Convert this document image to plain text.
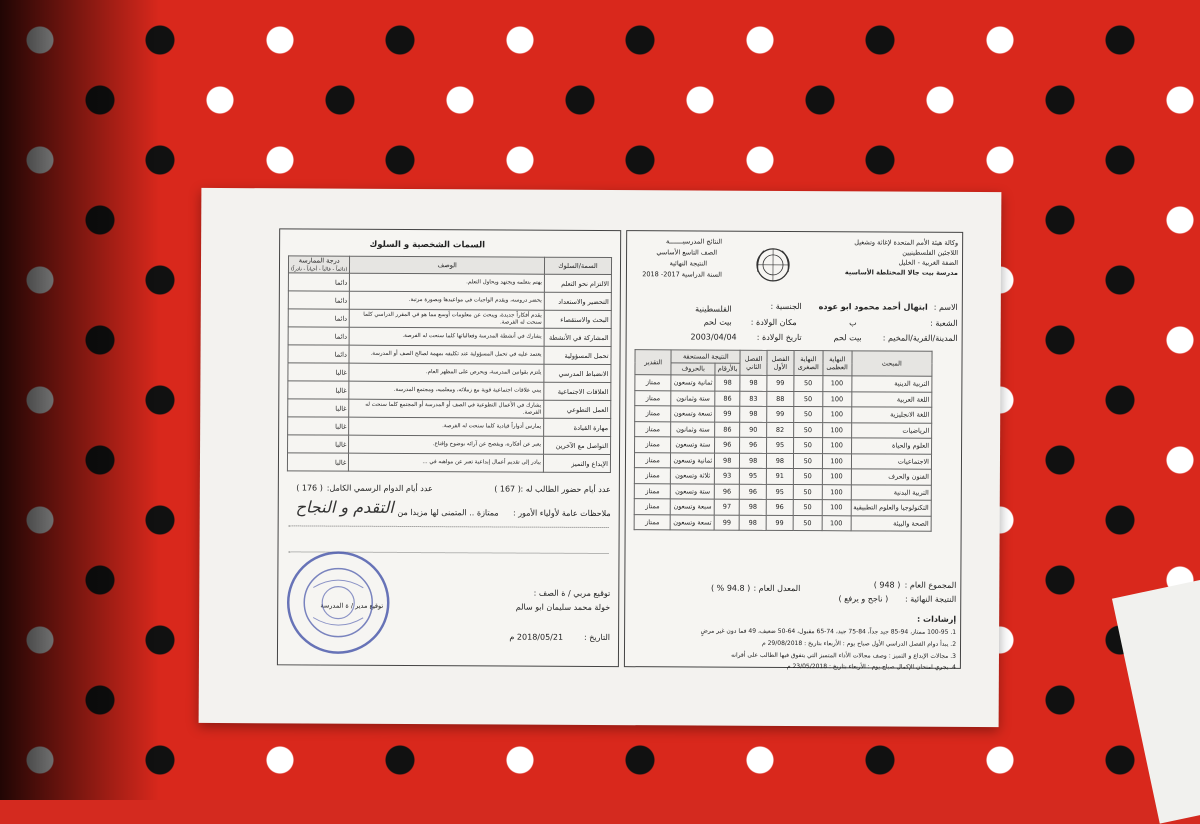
السمات الشخصية و السلوك
درجة الممارسة
(دائماً - غالباً - أحياناً - نادراً)	الوصف	السمة/السلوك
دائما	يهتم بتعلمه ويجتهد ويحاول التعلم.	الالتزام نحو التعلم
دائما	يحضر دروسه، ويقدم الواجبات في مواعيدها وبصورة مرتبة.	التحضير والاستعداد
دائما	يقدم أفكاراً جديدة، ويبحث عن معلومات أوسع مما هو في المقرر الدراسي كلما سنحت له الفرصة.	البحث والاستقصاء
دائما	يشارك في أنشطة المدرسة وفعالياتها كلما سنحت له الفرصة.	المشاركة في الأنشطة
دائما	يعتمد عليه في تحمل المسؤولية عند تكليفه بمهمة لصالح الصف أو المدرسة.	تحمل المسؤولية
غالبا	يلتزم بقوانين المدرسة، ويحرص على المظهر العام.	الانضباط المدرسي
غالبا	يبني علاقات اجتماعية قوية مع زملائه، ومعلميه، ومجتمع المدرسة.	العلاقات الاجتماعية
غالبا	يشارك في الأعمال التطوعية في الصف أو المدرسة أو المجتمع كلما سنحت له الفرصة.	العمل التطوعي
غالبا	يمارس أدواراً قيادية كلما سنحت له الفرصة.	مهارة القيادة
غالبا	يعبر عن أفكاره، ويفصح عن آرائه بوضوح وإقناع.	التواصل مع الآخرين
غالبا	يبادر إلى تقديم أعمال إبداعية تعبر عن مواهبه في ...	الإبداع والتميز
عدد أيام حضور الطالب له :
( 167 )
عدد أيام الدوام الرسمي الكامل:
( 176 )
ملاحظات عامة لأولياء الأمور :
ممتازة .. المتمنى لها مزيدا من
التقدم و النجاح
توقيع مربي / ة الصف :
خولة محمد سليمان ابو سالم
توقيع مدير / ة المدرسة
التاريخ :
2018/05/21 م
وكالة هيئة الأمم المتحدة لإغاثة وتشغيل
اللاجئين الفلسطينيين
الضفة الغربية - الخليل
مدرسة بيت جالا المختلطة الأساسية
النتائج المدرسيـــــــة
الصف التاسع الأساسي
النتيجة النهائية
السنة الدراسية 2017- 2018
الاسم :
ابتهال أحمد محمود ابو عوده
الجنسية :
الفلسطينية
الشعبة :
ب
مكان الولادة :
بيت لحم
المدينة/القرية/المخيم :
بيت لحم
تاريخ الولادة :
2003/04/04
التقدير	النتيجة المستحقة		الفصل الثاني	الفصل الأول	النهاية الصغرى	النهاية العظمى	المبحث
	بالحروف	بالأرقام					
ممتاز	ثمانية وتسعون	98	98	99	50	100	التربية الدينية
ممتاز	ستة وثمانون	86	83	88	50	100	اللغة العربية
ممتاز	تسعة وتسعون	99	98	99	50	100	اللغة الانجليزية
ممتاز	ستة وثمانون	86	90	82	50	100	الرياضيات
ممتاز	ستة وتسعون	96	96	95	50	100	العلوم والحياة
ممتاز	ثمانية وتسعون	98	98	98	50	100	الاجتماعيات
ممتاز	ثلاثة وتسعون	93	95	91	50	100	الفنون والحرف
ممتاز	ستة وتسعون	96	96	95	50	100	التربية البدنية
ممتاز	سبعة وتسعون	97	98	96	50	100	التكنولوجيا والعلوم التطبيقية
ممتاز	تسعة وتسعون	99	98	99	50	100	الصحة والبيئة
المجموع العام :
( 948 )
المعدل العام :
( 94.8 % )
النتيجة النهائية :
( ناجح و يرفع )
إرشادات :
1. 100-95 ممتاز، 94-85 جيد جداً، 84-75 جيد، 74-65 مقبول، 64-50 ضعيف، 49 فما دون غير مرضٍ
2. يبدأ دوام الفصل الدراسي الأول صباح يوم : الأربعاء بتاريخ : 29/08/2018 م
3. مجالات الإبداع و التميز : وصف مجالات الأداء المتميز التي يتفوق فيها الطالب على أقرانه
4. يجري امتحان الإكمال صباح يوم : الأربعاء بتاريخ : 23/05/2018 م
